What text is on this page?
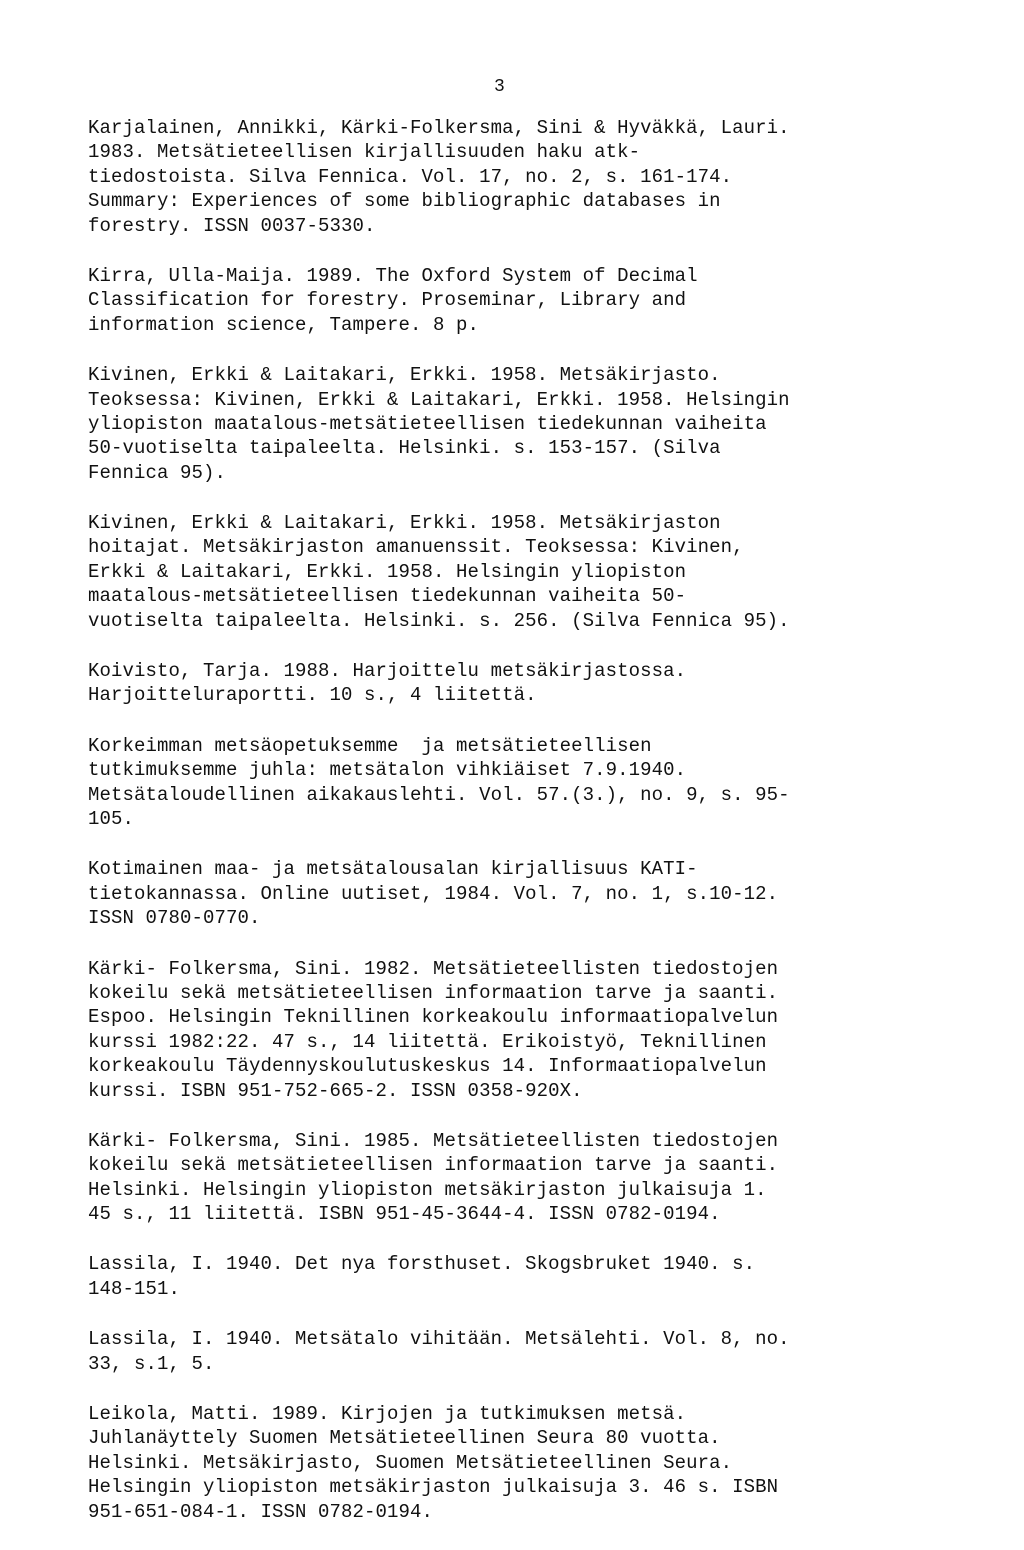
3
Karjalainen, Annikki, Kärki-Folkersma, Sini & Hyväkkä, Lauri.
1983. Metsätieteellisen kirjallisuuden haku atk-
tiedostoista. Silva Fennica. Vol. 17, no. 2, s. 161-174.
Summary: Experiences of some bibliographic databases in
forestry. ISSN 0037-5330.
Kirra, Ulla-Maija. 1989. The Oxford System of Decimal
Classification for forestry. Proseminar, Library and
information science, Tampere. 8 p.
Kivinen, Erkki & Laitakari, Erkki. 1958. Metsäkirjasto.
Teoksessa: Kivinen, Erkki & Laitakari, Erkki. 1958. Helsingin
yliopiston maatalous-metsätieteellisen tiedekunnan vaiheita
50-vuotiselta taipaleelta. Helsinki. s. 153-157. (Silva
Fennica 95).
Kivinen, Erkki & Laitakari, Erkki. 1958. Metsäkirjaston
hoitajat. Metsäkirjaston amanuenssit. Teoksessa: Kivinen,
Erkki & Laitakari, Erkki. 1958. Helsingin yliopiston
maatalous-metsätieteellisen tiedekunnan vaiheita 50-
vuotiselta taipaleelta. Helsinki. s. 256. (Silva Fennica 95).
Koivisto, Tarja. 1988. Harjoittelu metsäkirjastossa.
Harjoitteluraportti. 10 s., 4 liitettä.
Korkeimman metsäopetuksemme  ja metsätieteellisen
tutkimuksemme juhla: metsätalon vihkiäiset 7.9.1940.
Metsätaloudellinen aikakauslehti. Vol. 57.(3.), no. 9, s. 95-
105.
Kotimainen maa- ja metsätalousalan kirjallisuus KATI-
tietokannassa. Online uutiset, 1984. Vol. 7, no. 1, s.10-12.
ISSN 0780-0770.
Kärki- Folkersma, Sini. 1982. Metsätieteellisten tiedostojen
kokeilu sekä metsätieteellisen informaation tarve ja saanti.
Espoo. Helsingin Teknillinen korkeakoulu informaatiopalvelun
kurssi 1982:22. 47 s., 14 liitettä. Erikoistyö, Teknillinen
korkeakoulu Täydennyskoulutuskeskus 14. Informaatiopalvelun
kurssi. ISBN 951-752-665-2. ISSN 0358-920X.
Kärki- Folkersma, Sini. 1985. Metsätieteellisten tiedostojen
kokeilu sekä metsätieteellisen informaation tarve ja saanti.
Helsinki. Helsingin yliopiston metsäkirjaston julkaisuja 1.
45 s., 11 liitettä. ISBN 951-45-3644-4. ISSN 0782-0194.
Lassila, I. 1940. Det nya forsthuset. Skogsbruket 1940. s.
148-151.
Lassila, I. 1940. Metsätalo vihitään. Metsälehti. Vol. 8, no.
33, s.1, 5.
Leikola, Matti. 1989. Kirjojen ja tutkimuksen metsä.
Juhlanäyttely Suomen Metsätieteellinen Seura 80 vuotta.
Helsinki. Metsäkirjasto, Suomen Metsätieteellinen Seura.
Helsingin yliopiston metsäkirjaston julkaisuja 3. 46 s. ISBN
951-651-084-1. ISSN 0782-0194.
